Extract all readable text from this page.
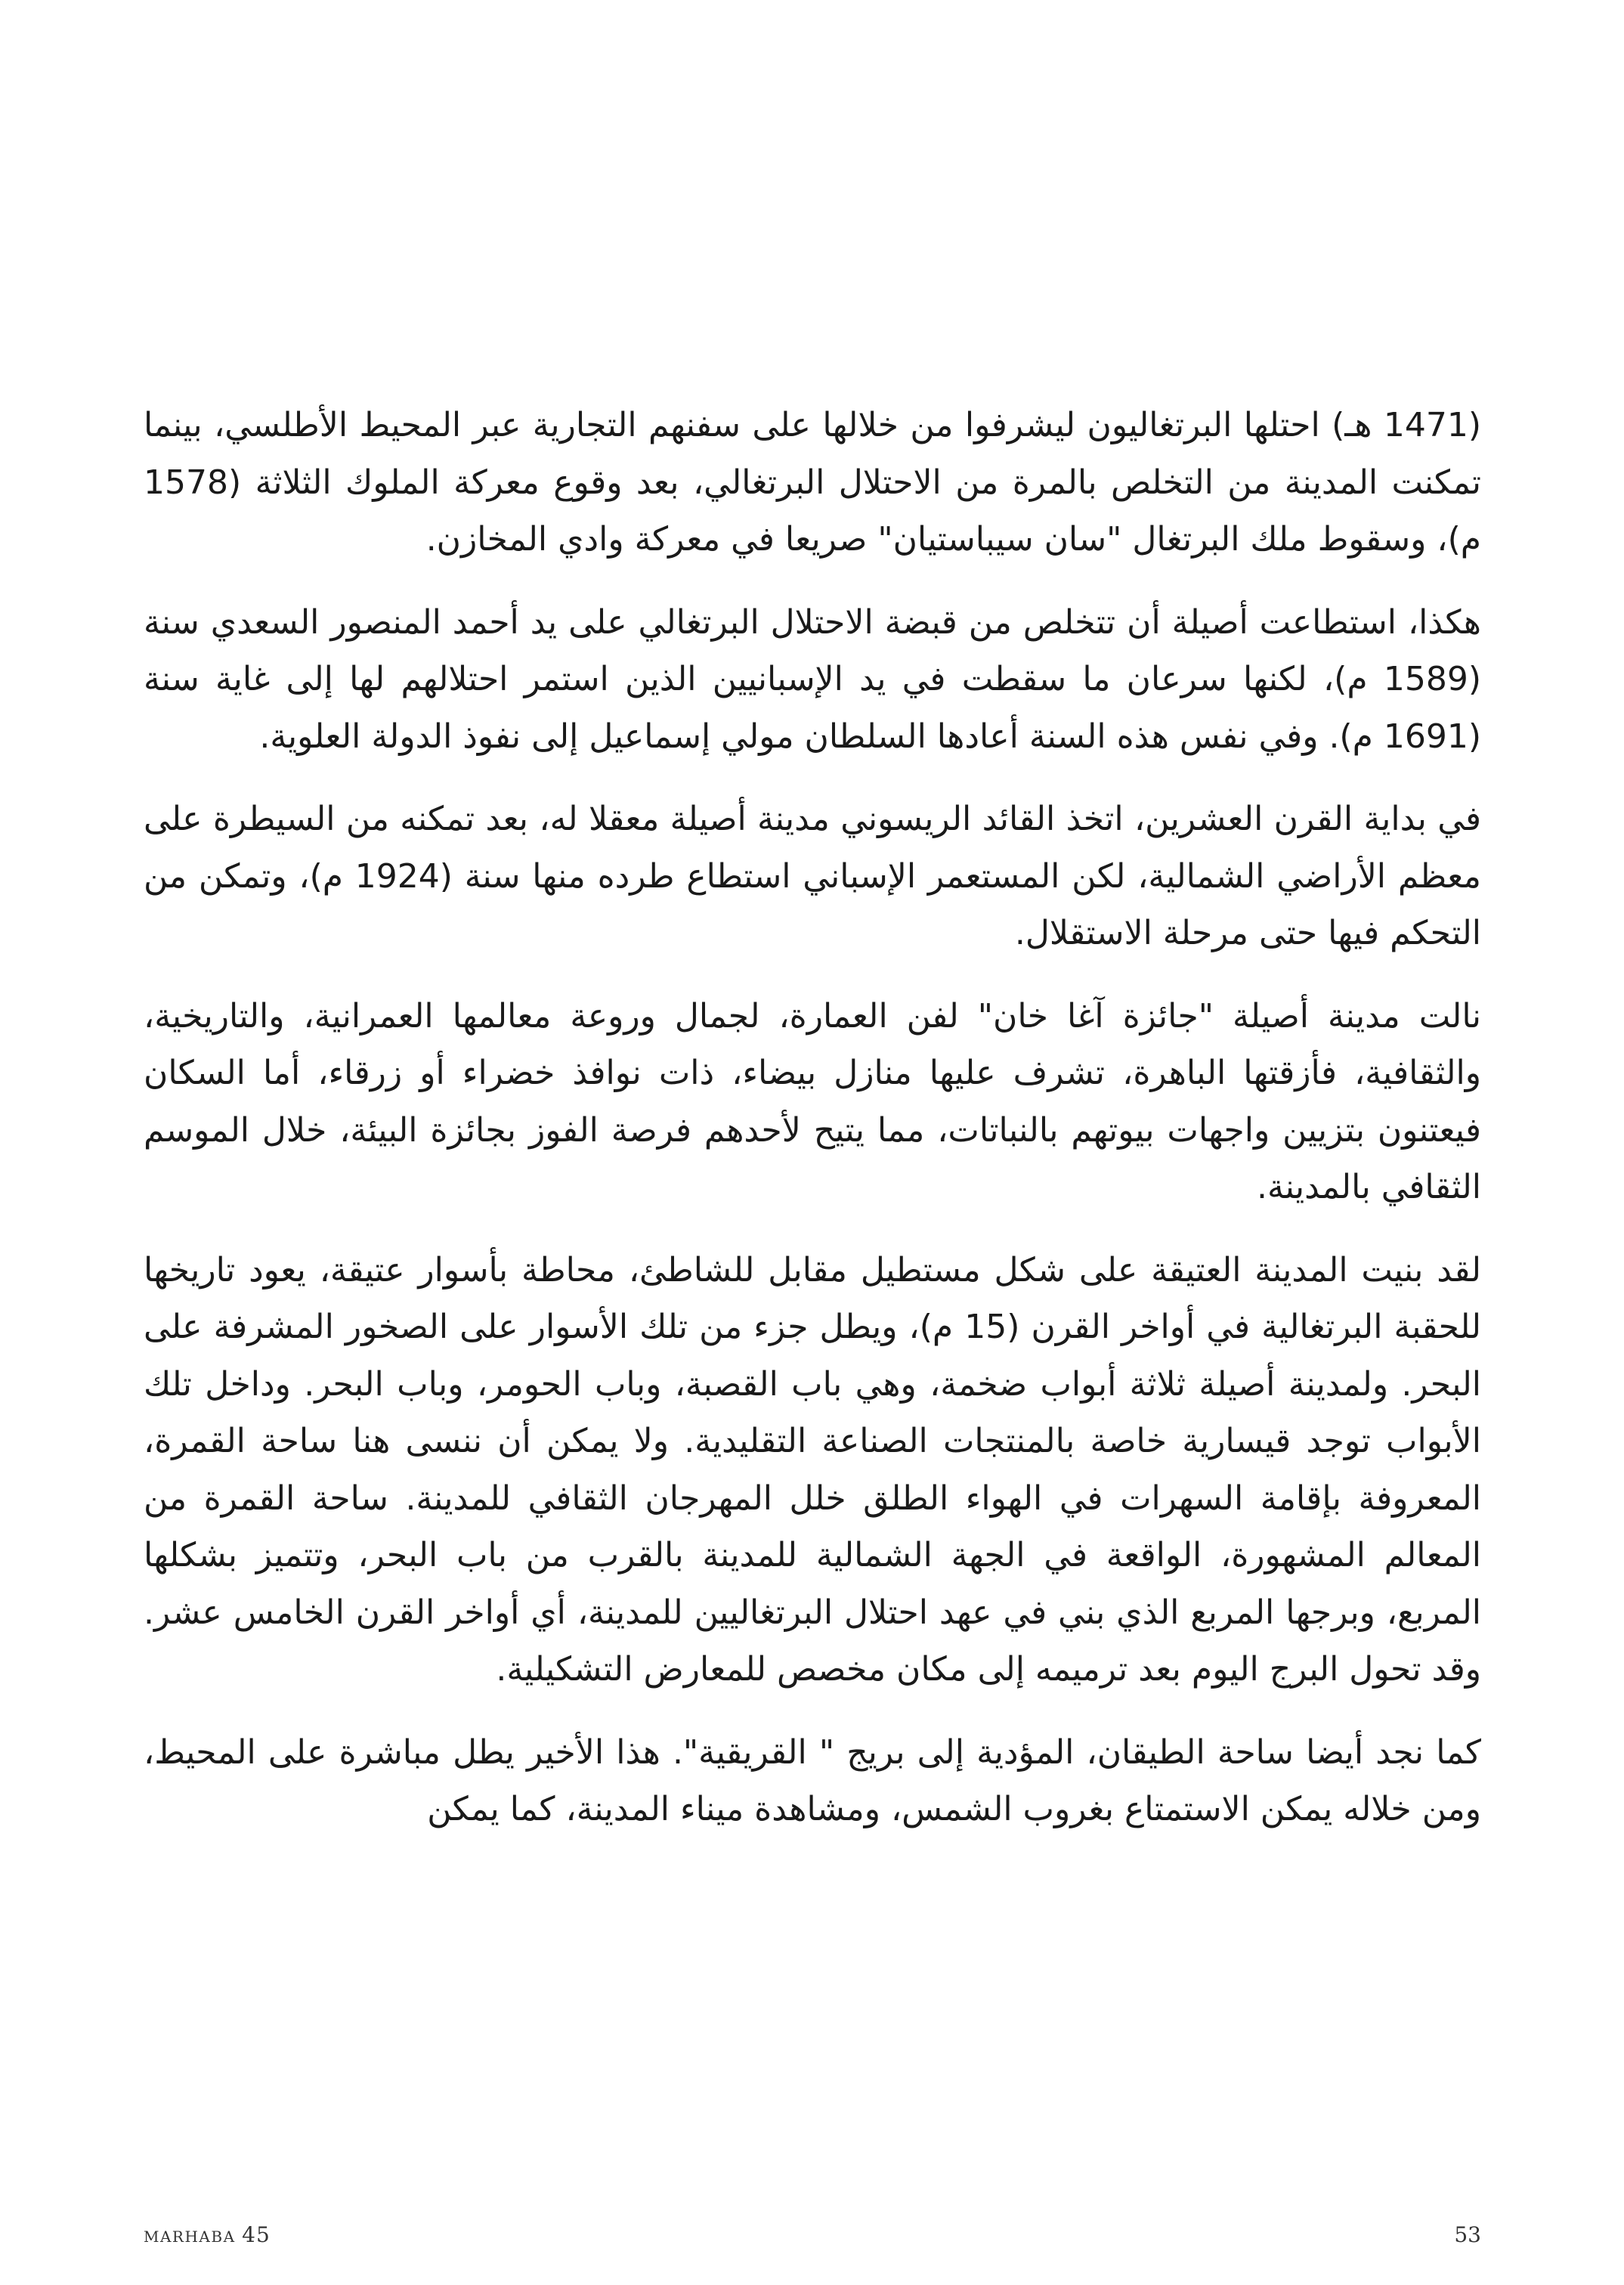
(1471 هـ) احتلها البرتغاليون ليشرفوا من خلالها على سفنهم التجارية عبر المحيط الأطلسي، بينما تمكنت المدينة من التخلص بالمرة من الاحتلال البرتغالي، بعد وقوع معركة الملوك الثلاثة (1578 م)، وسقوط ملك البرتغال "سان سيباستيان" صريعا في معركة وادي المخازن.

هكذا، استطاعت أصيلة أن تتخلص من قبضة الاحتلال البرتغالي على يد أحمد المنصور السعدي سنة (1589 م)، لكنها سرعان ما سقطت في يد الإسبانيين الذين استمر احتلالهم لها إلى غاية سنة (1691 م). وفي نفس هذه السنة أعادها السلطان مولي إسماعيل إلى نفوذ الدولة العلوية.

في بداية القرن العشرين، اتخذ القائد الريسوني مدينة أصيلة معقلا له، بعد تمكنه من السيطرة على معظم الأراضي الشمالية، لكن المستعمر الإسباني استطاع طرده منها سنة (1924 م)، وتمكن من التحكم فيها حتى مرحلة الاستقلال.

نالت مدينة أصيلة "جائزة آغا خان" لفن العمارة، لجمال وروعة معالمها العمرانية، والتاريخية، والثقافية، فأزقتها الباهرة، تشرف عليها منازل بيضاء، ذات نوافذ خضراء أو زرقاء، أما السكان فيعتنون بتزيين واجهات بيوتهم بالنباتات، مما يتيح لأحدهم فرصة الفوز بجائزة البيئة، خلال الموسم الثقافي بالمدينة.

لقد بنيت المدينة العتيقة على شكل مستطيل مقابل للشاطئ، محاطة بأسوار عتيقة، يعود تاريخها للحقبة البرتغالية في أواخر القرن (15 م)، ويطل جزء من تلك الأسوار على الصخور المشرفة على البحر. ولمدينة أصيلة ثلاثة أبواب ضخمة، وهي باب القصبة، وباب الحومر، وباب البحر. وداخل تلك الأبواب توجد قيسارية خاصة بالمنتجات الصناعة التقليدية. ولا يمكن أن ننسى هنا ساحة القمرة، المعروفة بإقامة السهرات في الهواء الطلق خلل المهرجان الثقافي للمدينة. ساحة القمرة من المعالم المشهورة، الواقعة في الجهة الشمالية للمدينة بالقرب من باب البحر، وتتميز بشكلها المربع، وبرجها المربع الذي بني في عهد احتلال البرتغاليين للمدينة، أي أواخر القرن الخامس عشر. وقد تحول البرج اليوم بعد ترميمه إلى مكان مخصص للمعارض التشكيلية.

كما نجد أيضا ساحة الطيقان، المؤدية إلى بريج " القريقية". هذا الأخير يطل مباشرة على المحيط، ومن خلاله يمكن الاستمتاع بغروب الشمس، ومشاهدة ميناء المدينة، كما يمكن

MARHABA 45	53
